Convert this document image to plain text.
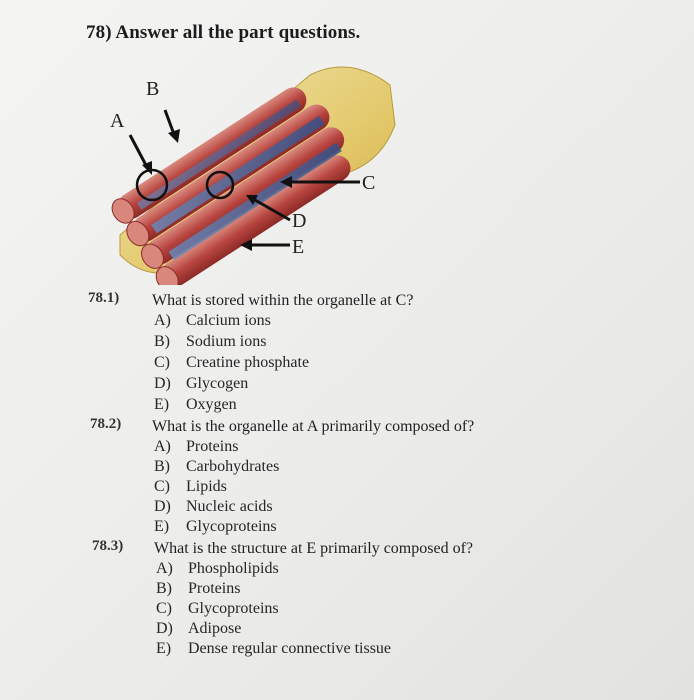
78) Answer all the part questions.
A
B
C
D
E
78.1) What is stored within the organelle at C?
A) Calcium ions
B) Sodium ions
C) Creatine phosphate
D) Glycogen
E) Oxygen
78.2) What is the organelle at A primarily composed of?
A) Proteins
B) Carbohydrates
C) Lipids
D) Nucleic acids
E) Glycoproteins
78.3) What is the structure at E primarily composed of?
A) Phospholipids
B) Proteins
C) Glycoproteins
D) Adipose
E) Dense regular connective tissue
